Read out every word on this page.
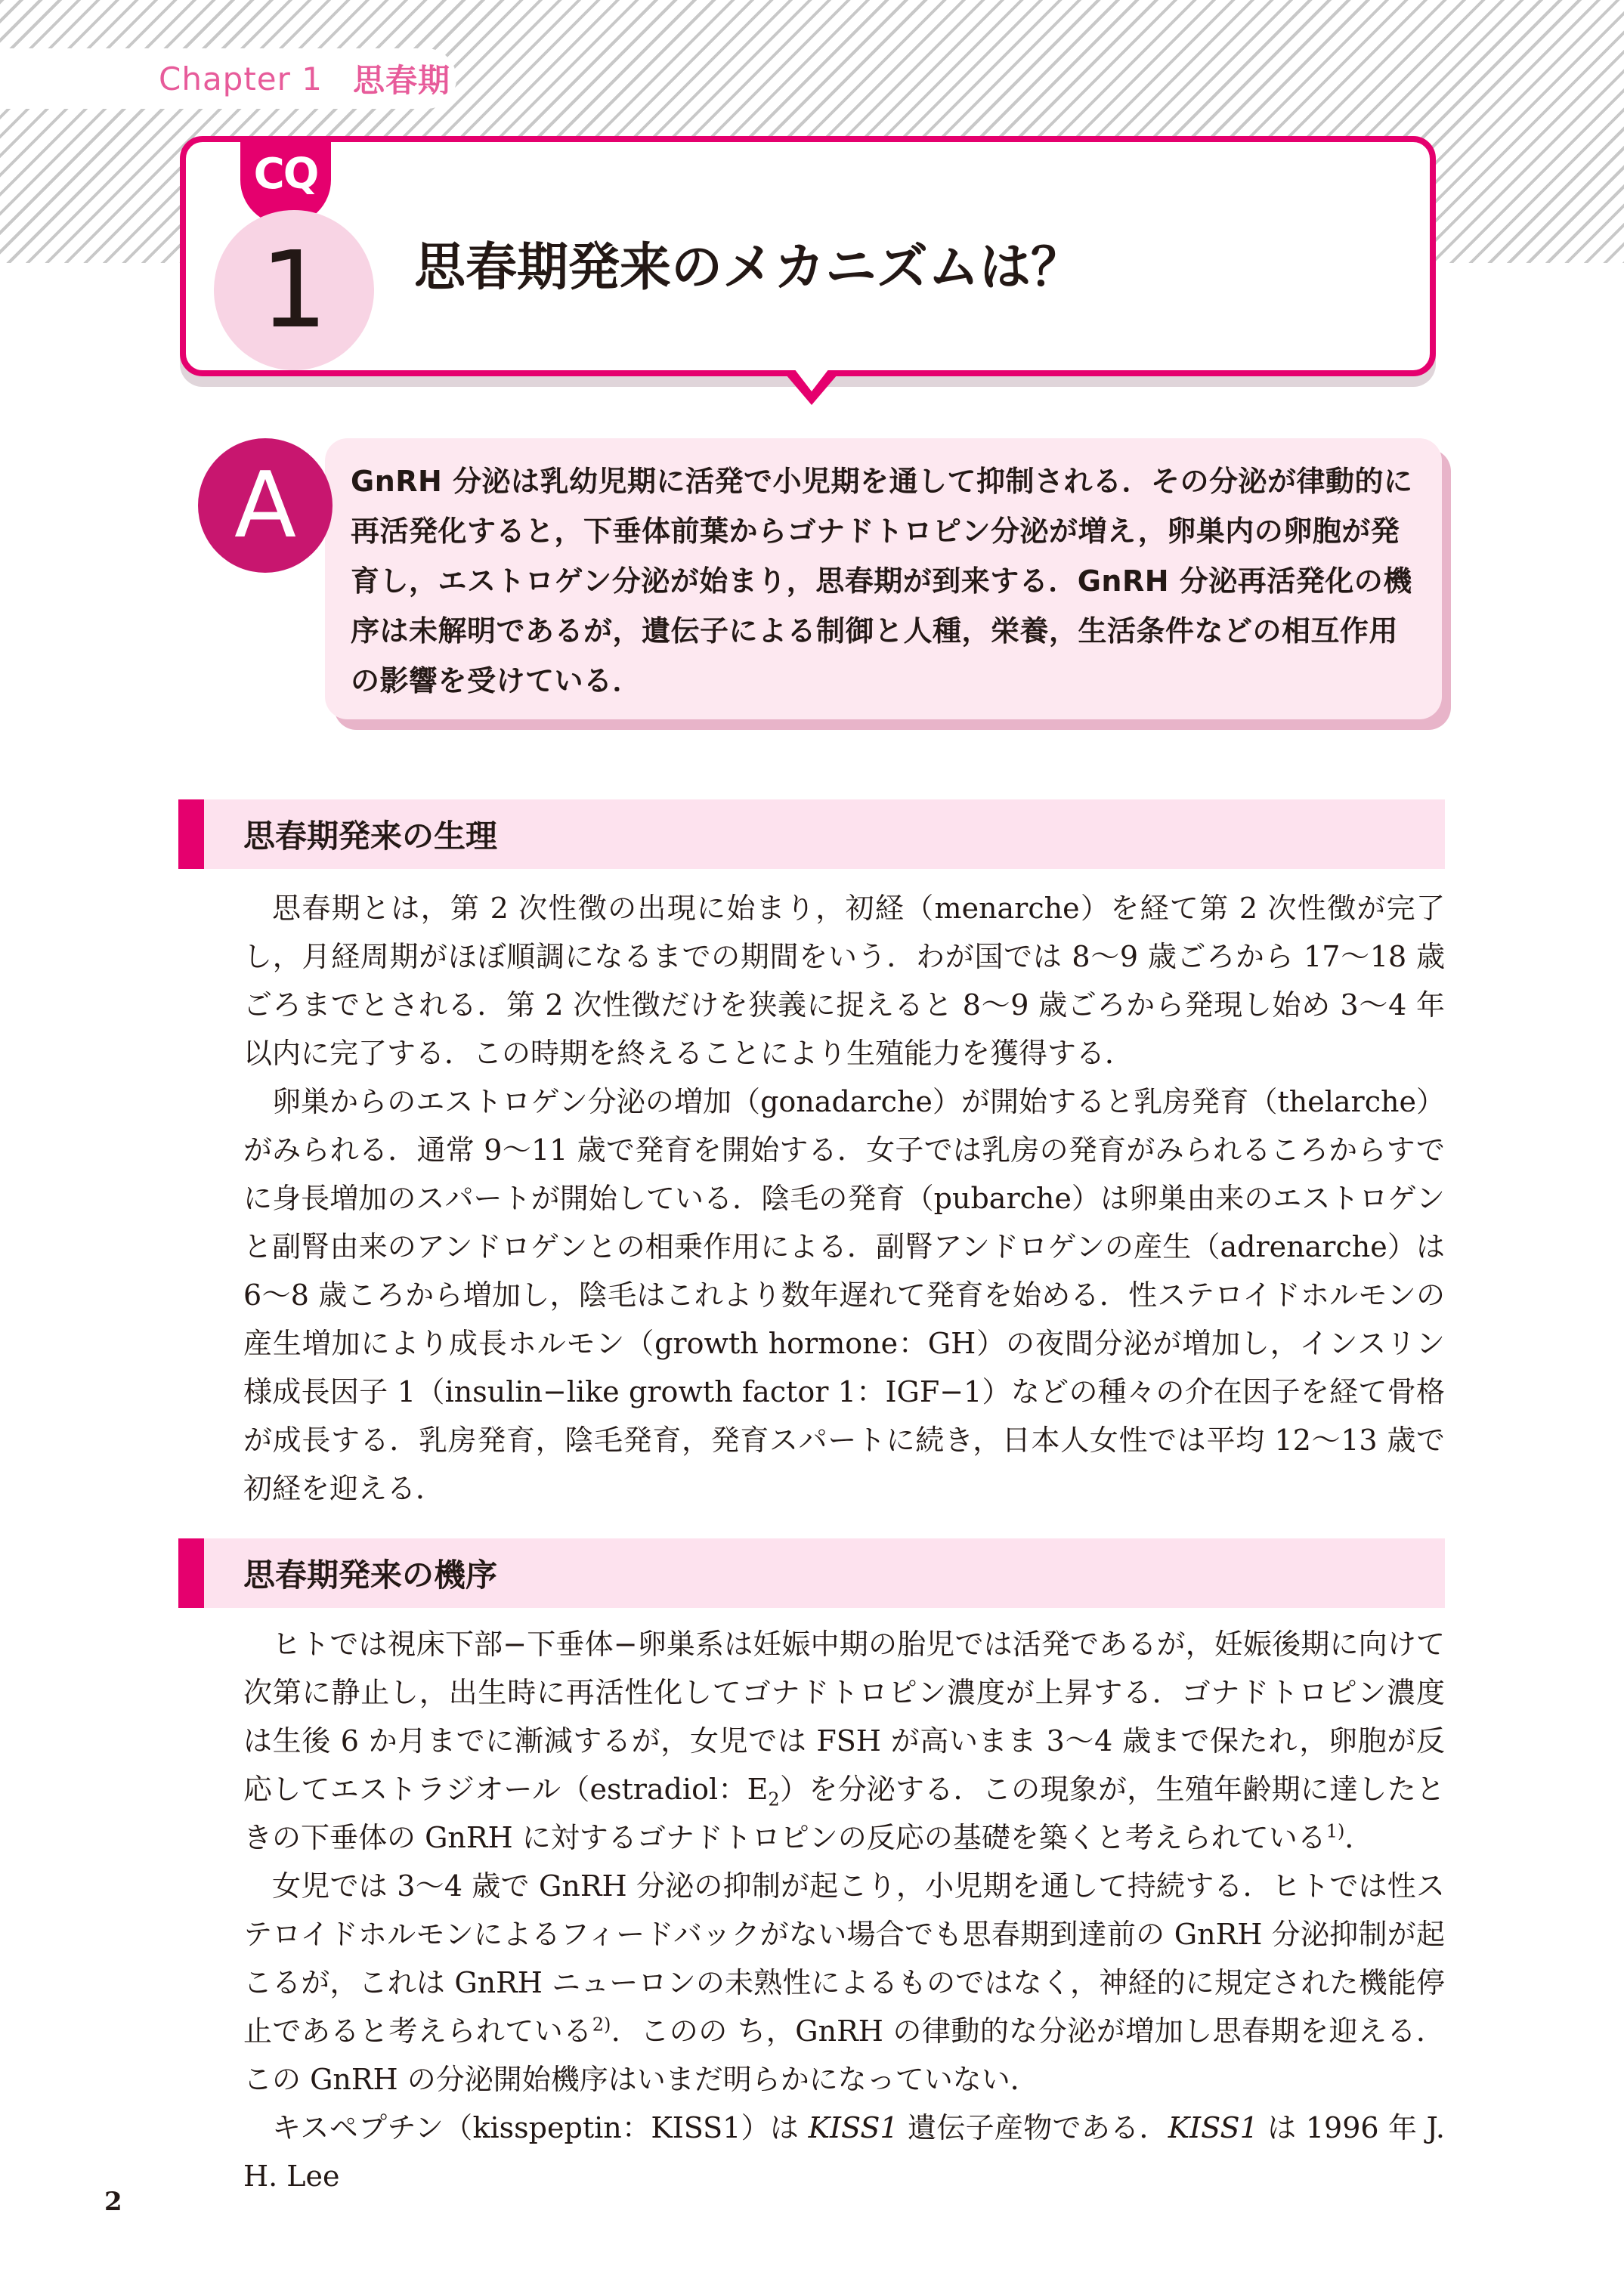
Chapter 1 思春期
CQ
1 思春期発来のメカニズムは？
A GnRH 分泌は乳幼児期に活発で小児期を通して抑制される．その分泌が律動的に再活発化すると，下垂体前葉からゴナドトロピン分泌が増え，卵巣内の卵胞が発育し，エストロゲン分泌が始まり，思春期が到来する．GnRH 分泌再活発化の機序は未解明であるが，遺伝子による制御と人種，栄養，生活条件などの相互作用の影響を受けている．
思春期発来の生理

思春期とは，第 2 次性徴の出現に始まり，初経（menarche）を経て第 2 次性徴が完了し，月経周期がほぼ順調になるまでの期間をいう．わが国では 8〜9 歳ごろから 17〜18 歳ごろまでとされる．第 2 次性徴だけを狭義に捉えると 8〜9 歳ごろから発現し始め 3〜4 年以内に完了する．この時期を終えることにより生殖能力を獲得する．

卵巣からのエストロゲン分泌の増加（gonadarche）が開始すると乳房発育（thelarche）がみられる．通常 9〜11 歳で発育を開始する．女子では乳房の発育がみられるころからすでに身長増加のスパートが開始している．陰毛の発育（pubarche）は卵巣由来のエストロゲンと副腎由来のアンドロゲンとの相乗作用による．副腎アンドロゲンの産生（adrenarche）は 6〜8 歳ころから増加し，陰毛はこれより数年遅れて発育を始める．性ステロイドホルモンの産生増加により成長ホルモン（growth hormone：GH）の夜間分泌が増加し，インスリン様成長因子 1（insulin−like growth factor 1：IGF−1）などの種々の介在因子を経て骨格が成長する．乳房発育，陰毛発育，発育スパートに続き，日本人女性では平均 12〜13 歳で初経を迎える．

思春期発来の機序

ヒトでは視床下部−下垂体−卵巣系は妊娠中期の胎児では活発であるが，妊娠後期に向けて次第に静止し，出生時に再活性化してゴナドトロピン濃度が上昇する．ゴナドトロピン濃度は生後 6 か月までに漸減するが，女児では FSH が高いまま 3〜4 歳まで保たれ，卵胞が反応してエストラジオール（estradiol：$E_2$）を分泌する．この現象が，生殖年齢期に達したときの下垂体の GnRH に対するゴナドトロピンの反応の基礎を築くと考えられている$^{1)}$．

女児では 3〜4 歳で GnRH 分泌の抑制が起こり，小児期を通して持続する．ヒトでは性ステロイドホルモンによるフィードバックがない場合でも思春期到達前の GnRH 分泌抑制が起こるが，これは GnRH ニューロンの未熟性によるものではなく，神経的に規定された機能停止であると考えられている$^{2)}$．このの ち，GnRH の律動的な分泌が増加し思春期を迎える．この GnRH の分泌開始機序はいまだ明らかになっていない．

キスペプチン（kisspeptin：KISS1）は KISS1 遺伝子産物である．KISS1 は 1996 年 J. H. Lee

2
